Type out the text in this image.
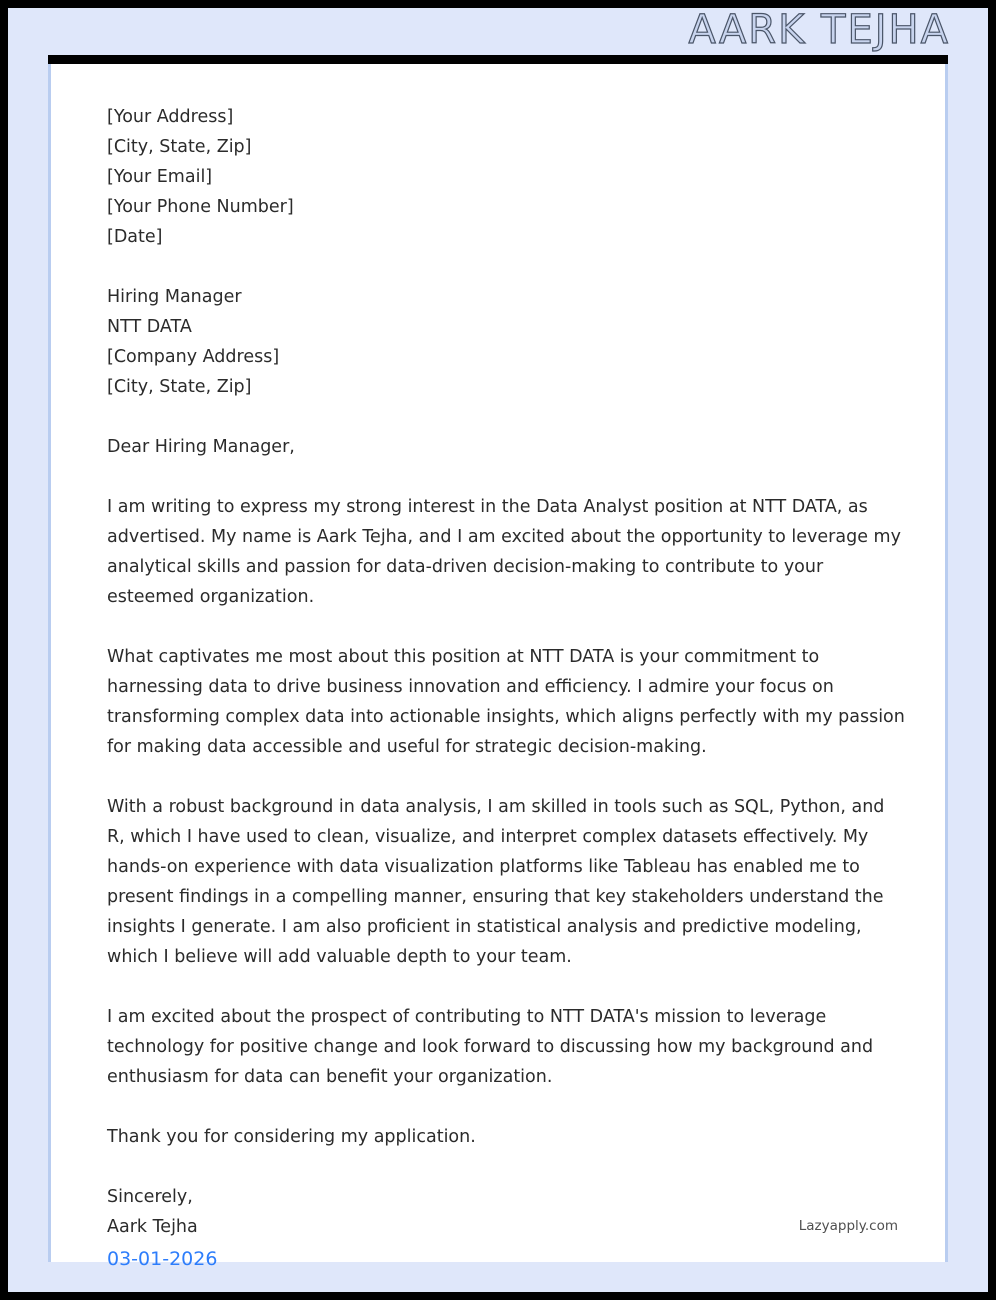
AARK TEJHA
[Your Address]
[City, State, Zip]
[Your Email]
[Your Phone Number]
[Date]
Hiring Manager
NTT DATA
[Company Address]
[City, State, Zip]

Dear Hiring Manager,

I am writing to express my strong interest in the Data Analyst position at NTT DATA, as advertised. My name is Aark Tejha, and I am excited about the opportunity to leverage my analytical skills and passion for data-driven decision-making to contribute to your esteemed organization.

What captivates me most about this position at NTT DATA is your commitment to harnessing data to drive business innovation and efficiency. I admire your focus on transforming complex data into actionable insights, which aligns perfectly with my passion for making data accessible and useful for strategic decision-making.

With a robust background in data analysis, I am skilled in tools such as SQL, Python, and R, which I have used to clean, visualize, and interpret complex datasets effectively. My hands-on experience with data visualization platforms like Tableau has enabled me to present findings in a compelling manner, ensuring that key stakeholders understand the insights I generate. I am also proficient in statistical analysis and predictive modeling, which I believe will add valuable depth to your team.

I am excited about the prospect of contributing to NTT DATA's mission to leverage technology for positive change and look forward to discussing how my background and enthusiasm for data can benefit your organization.

Thank you for considering my application.

Sincerely,
Aark Tejha
03-01-2026
Lazyapply.com
